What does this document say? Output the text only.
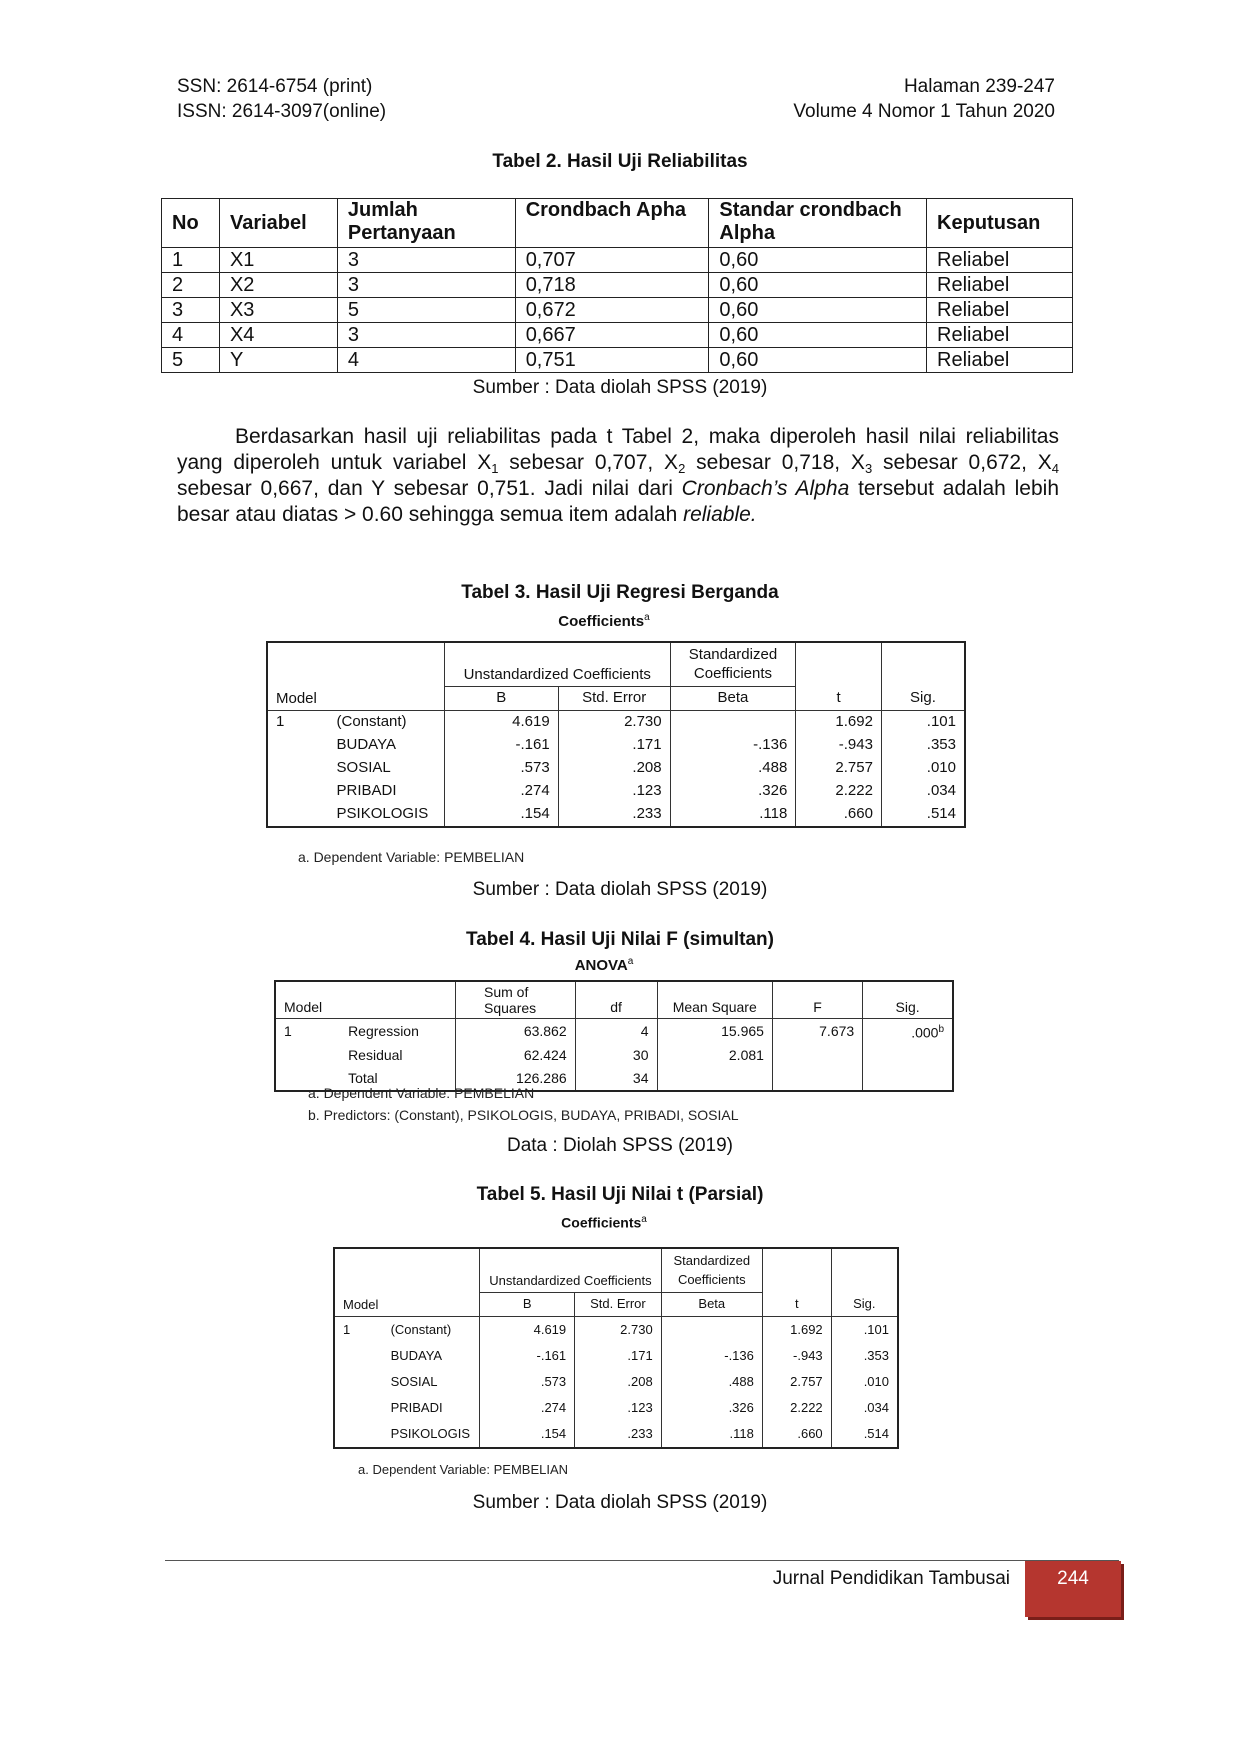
SSN: 2614-6754 (print)
ISSN: 2614-3097(online)
Halaman 239-247
Volume 4 Nomor 1 Tahun 2020
Tabel 2. Hasil Uji Reliabilitas
No	Variabel	Jumlah Pertanyaan	Crondbach Apha	Standar crondbach Alpha	Keputusan
1	X1	3	0,707	0,60	Reliabel
2	X2	3	0,718	0,60	Reliabel
3	X3	5	0,672	0,60	Reliabel
4	X4	3	0,667	0,60	Reliabel
5	Y	4	0,751	0,60	Reliabel
Sumber : Data diolah SPSS (2019)

Berdasarkan hasil uji reliabilitas pada t Tabel 2, maka diperoleh hasil nilai reliabilitas yang diperoleh untuk variabel $X_1$ sebesar 0,707, $X_2$ sebesar 0,718, $X_3$ sebesar 0,672, $X_4$ sebesar 0,667, dan Y sebesar 0,751. Jadi nilai dari Cronbach’s Alpha tersebut adalah lebih besar atau diatas > 0.60 sehingga semua item adalah reliable.

Tabel 3. Hasil Uji Regresi Berganda
Coefficients$^a$
		Unstandardized Coefficients		Standardized Coefficients		
Model		B	Std. Error	Beta	t	Sig.
1	(Constant)	4.619	2.730		1.692	.101
	BUDAYA	-.161	.171	-.136	-.943	.353
	SOSIAL	.573	.208	.488	2.757	.010
	PRIBADI	.274	.123	.326	2.222	.034
	PSIKOLOGIS	.154	.233	.118	.660	.514
a. Dependent Variable: PEMBELIAN
Sumber : Data diolah SPSS (2019)
Tabel 4. Hasil Uji Nilai F (simultan)
ANOVA$^a$
Model		Sum of Squares	df	Mean Square	F	Sig.
1	Regression	63.862	4	15.965	7.673	.000$^b$
	Residual	62.424	30	2.081		
	Total	126.286	34			
a. Dependent Variable: PEMBELIAN
b. Predictors: (Constant), PSIKOLOGIS, BUDAYA, PRIBADI, SOSIAL
Data : Diolah SPSS (2019)
Tabel 5. Hasil Uji Nilai t (Parsial)
Coefficients$^a$
		Unstandardized Coefficients		Standardized Coefficients		
Model		B	Std. Error	Beta	t	Sig.
1	(Constant)	4.619	2.730		1.692	.101
	BUDAYA	-.161	.171	-.136	-.943	.353
	SOSIAL	.573	.208	.488	2.757	.010
	PRIBADI	.274	.123	.326	2.222	.034
	PSIKOLOGIS	.154	.233	.118	.660	.514
a. Dependent Variable: PEMBELIAN
Sumber : Data diolah SPSS (2019)
Jurnal Pendidikan Tambusai	244
